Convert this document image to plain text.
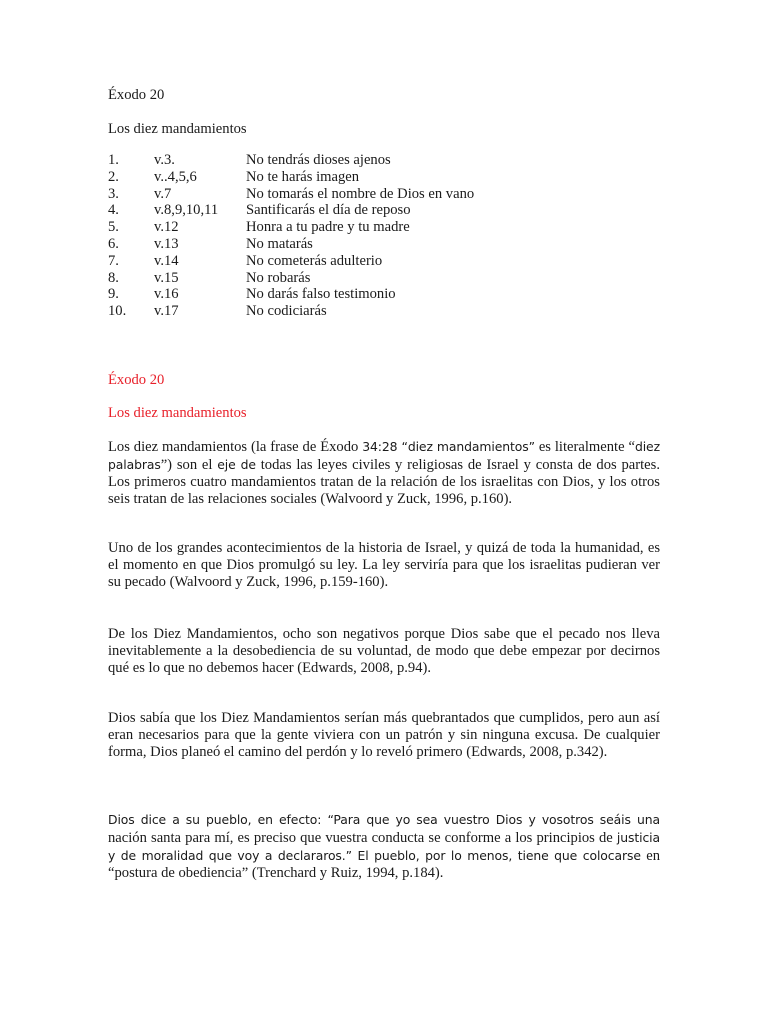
Éxodo 20
Los diez mandamientos
1.	v.3.	No tendrás dioses ajenos
2.	v..4,5,6	No te harás imagen
3.	v.7	No tomarás el nombre de Dios en vano
4.	v.8,9,10,11	Santificarás el día de reposo
5.	v.12	Honra a tu padre y tu madre
6.	v.13	No matarás
7.	v.14	No cometerás adulterio
8.	v.15	No robarás
9.	v.16	No darás falso testimonio
10.	v.17	No codiciarás
Éxodo 20
Los diez mandamientos

Los diez mandamientos (la frase de Éxodo 34:28 “diez mandamientos” es literalmente “diez palabras”) son el eje de todas las leyes civiles y religiosas de Israel y consta de dos partes. Los primeros cuatro mandamientos tratan de la relación de los israelitas con Dios, y los otros seis tratan de las relaciones sociales (Walvoord y Zuck, 1996, p.160).

Uno de los grandes acontecimientos de la historia de Israel, y quizá de toda la humanidad, es el momento en que Dios promulgó su ley. La ley serviría para que los israelitas pudieran ver su pecado (Walvoord y Zuck, 1996, p.159-160).

De los Diez Mandamientos, ocho son negativos porque Dios sabe que el pecado nos lleva inevitablemente a la desobediencia de su voluntad, de modo que debe empezar por decirnos qué es lo que no debemos hacer (Edwards, 2008, p.94).

Dios sabía que los Diez Mandamientos serían más quebrantados que cumplidos, pero aun así eran necesarios para que la gente viviera con un patrón y sin ninguna excusa. De cualquier forma, Dios planeó el camino del perdón y lo reveló primero (Edwards, 2008, p.342).

Dios dice a su pueblo, en efecto: “Para que yo sea vuestro Dios y vosotros seáis una nación santa para mí, es preciso que vuestra conducta se conforme a los principios de justicia y de moralidad que voy a declararos.” El pueblo, por lo menos, tiene que colocarse en “postura de obediencia” (Trenchard y Ruiz, 1994, p.184).
